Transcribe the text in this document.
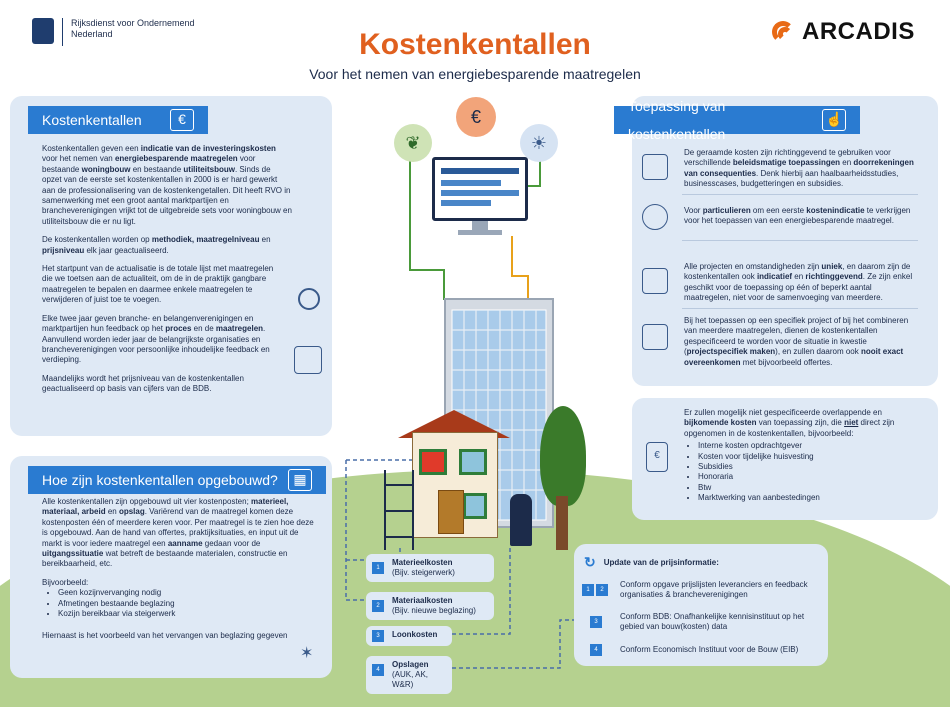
Rijksdienst voor Ondernemend
Nederland	ARCADIS
Kostenkentallen
Voor het nemen van energiebesparende maatregelen
€
❦	☀
Kostenkentallen	€

Kostenkentallen geven een indicatie van de investeringskosten voor het nemen van energiebesparende maatregelen voor bestaande woningbouw en bestaande utiliteitsbouw. Sinds de opzet van de eerste set kostenkentallen in 2000 is er hard gewerkt aan de professionalisering van de kostenkengetallen. Dit heeft RVO in samenwerking met een groot aantal marktpartijen en brancheverenigingen vrijkt tot de uitgebreide sets voor woningbouw en utiliteitsbouw die er nu ligt.

De kostenkentallen worden op methodiek, maatregelniveau en prijsniveau elk jaar geactualiseerd.

Het startpunt van de actualisatie is de totale lijst met maatregelen die we toetsen aan de actualiteit, om de in de praktijk gangbare maatregelen te bepalen en daarmee enkele maatregelen te verwijderen of juist toe te voegen.

Elke twee jaar geven branche- en belangenverenigingen en marktpartijen hun feedback op het proces en de maatregelen. Aanvullend worden ieder jaar de belangrijkste organisaties en brancheverenigingen voor persoonlijke inhoudelijke feedback en verdieping.

Maandelijks wordt het prijsniveau van de kostenkentallen geactualiseerd op basis van cijfers van de BDB.

Hoe zijn kostenkentallen opgebouwd?	▦

Alle kostenkentallen zijn opgebouwd uit vier kostenposten; materieel, materiaal, arbeid en opslag. Variërend van de maatregel komen deze kostenposten één of meerdere keren voor. Per maatregel is te zien hoe deze is opgebouwd. Aan de hand van offertes, praktijksituaties, en input uit de markt is voor iedere maatregel een aanname gedaan voor de uitgangssituatie wat betreft de bestaande materialen, constructie en bereikbaarheid, etc.

Bijvoorbeeld:

• Geen kozijnvervanging nodig
• Afmetingen bestaande beglazing
• Kozijn bereikbaar via steigerwerk

Hiernaast is het voorbeeld van het vervangen van beglazing gegeven

✶
Toepassing van kostenkentallen
☝
De geraamde kosten zijn richtinggevend te gebruiken voor verschillende beleidsmatige toepassingen en doorrekeningen van consequenties. Denk hierbij aan haalbaarheidsstudies, businesscases, budgetteringen en subsidies.
Voor particulieren om een eerste kostenindicatie te verkrijgen voor het toepassen van een energiebesparende maatregel.
Alle projecten en omstandigheden zijn uniek, en daarom zijn de kostenkentallen ook indicatief en richtinggevend. Ze zijn enkel geschikt voor de toepassing op één of beperkt aantal maatregelen, niet voor de samenvoeging van meerdere.
Bij het toepassen op een specifiek project of bij het combineren van meerdere maatregelen, dienen de kostenkentallen gespecificeerd te worden voor de situatie in kwestie (projectspecifiek maken), en zullen daarom ook nooit exact overeenkomen met bijvoorbeeld offertes.
€

Er zullen mogelijk niet gespecificeerde overlappende en bijkomende kosten van toepassing zijn, die niet direct zijn opgenomen in de kostenkentallen, bijvoorbeeld:

• Interne kosten opdrachtgever
• Kosten voor tijdelijke huisvesting
• Subsidies
• Honoraria
• Btw
• Marktwerking van aanbestedingen
↻ Update van de prijsinformatie:
1	2
Conform opgave prijslijsten leveranciers en feedback organisaties & brancheverenigingen
3
Conform BDB: Onafhankelijke kennisinstituut op het gebied van bouw(kosten) data
4	Conform Economisch Instituut voor de Bouw (EIB)
1
Materieelkosten
(Bijv. steigerwerk)
2
Materiaalkosten
(Bijv. nieuwe beglazing)
3	Loonkosten
4
Opslagen
(AUK, AK, W&R)
